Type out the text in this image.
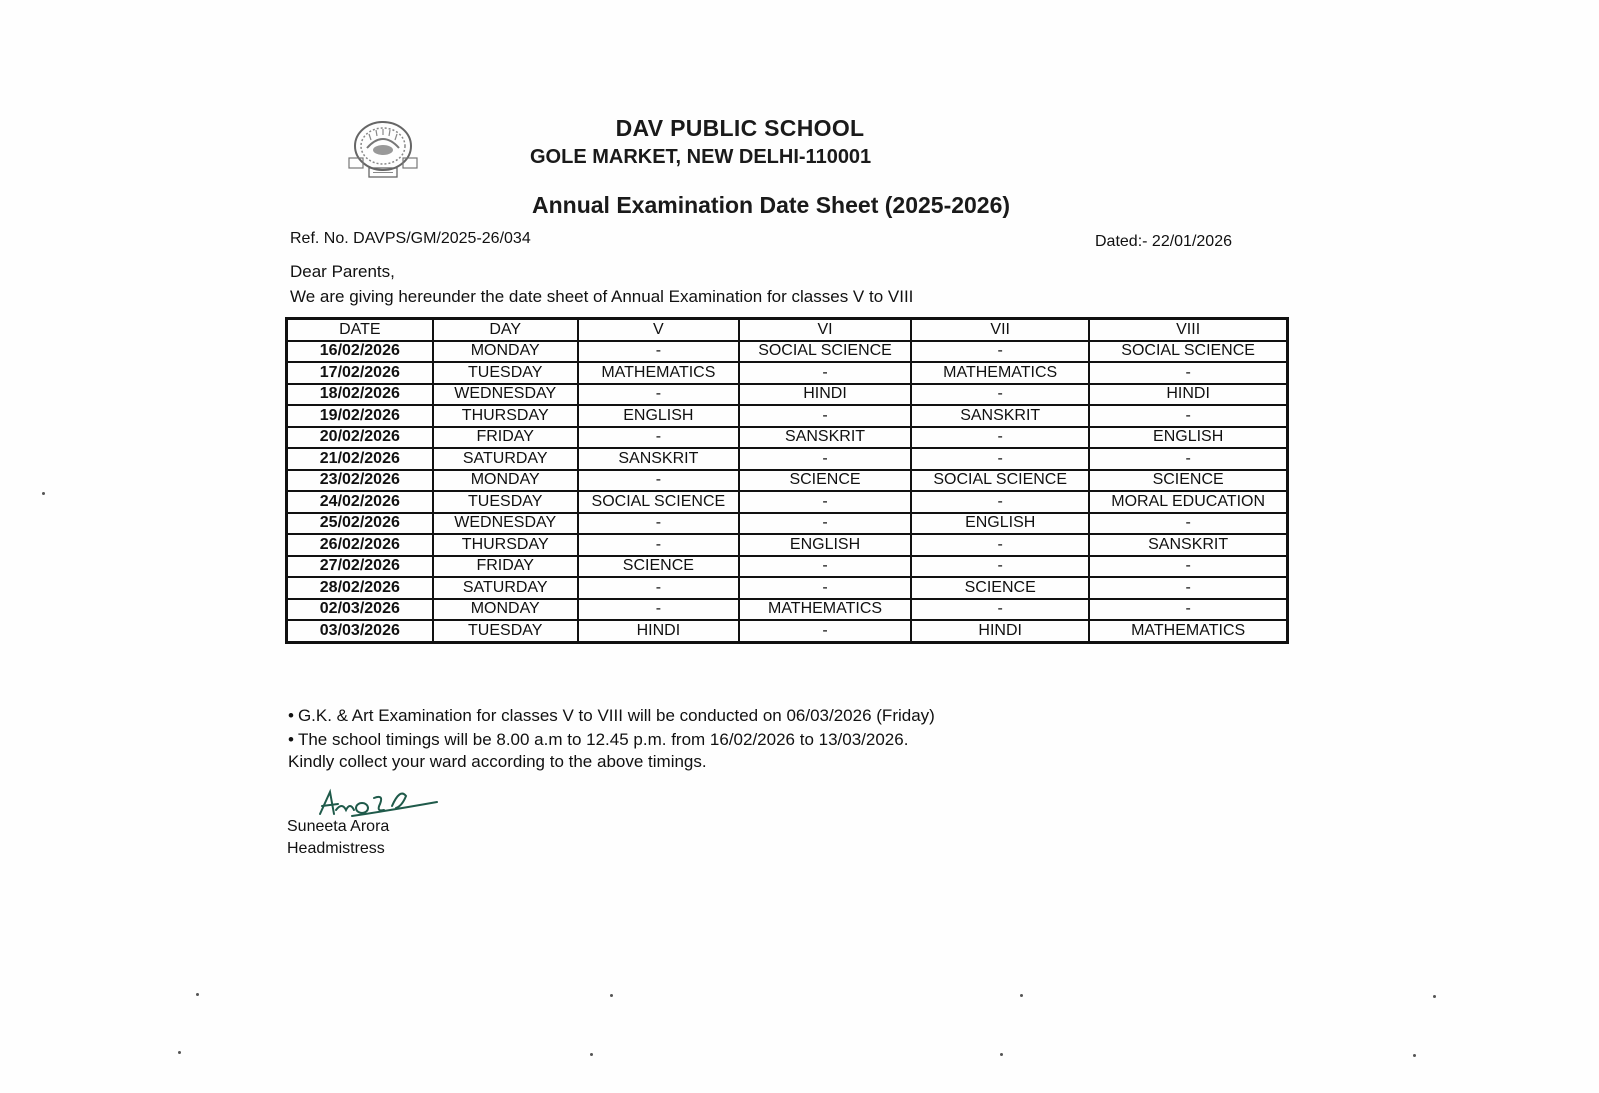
DAV PUBLIC SCHOOL
GOLE MARKET, NEW DELHI-110001
Annual Examination Date Sheet (2025-2026)
Ref. No. DAVPS/GM/2025-26/034	Dated:- 22/01/2026
Dear Parents,
We are giving hereunder the date sheet of Annual Examination for classes V to VIII
DATE	DAY	V	VI	VII	VIII
16/02/2026	MONDAY	-	SOCIAL SCIENCE	-	SOCIAL SCIENCE
17/02/2026	TUESDAY	MATHEMATICS	-	MATHEMATICS	-
18/02/2026	WEDNESDAY	-	HINDI	-	HINDI
19/02/2026	THURSDAY	ENGLISH	-	SANSKRIT	-
20/02/2026	FRIDAY	-	SANSKRIT	-	ENGLISH
21/02/2026	SATURDAY	SANSKRIT	-	-	-
23/02/2026	MONDAY	-	SCIENCE	SOCIAL SCIENCE	SCIENCE
24/02/2026	TUESDAY	SOCIAL SCIENCE	-	-	MORAL EDUCATION
25/02/2026	WEDNESDAY	-	-	ENGLISH	-
26/02/2026	THURSDAY	-	ENGLISH	-	SANSKRIT
27/02/2026	FRIDAY	SCIENCE	-	-	-
28/02/2026	SATURDAY	-	-	SCIENCE	-
02/03/2026	MONDAY	-	MATHEMATICS	-	-
03/03/2026	TUESDAY	HINDI	-	HINDI	MATHEMATICS
• G.K. & Art Examination for classes V to VIII will be conducted on 06/03/2026 (Friday)
• The school timings will be 8.00 a.m to 12.45 p.m. from 16/02/2026 to 13/03/2026.
Kindly collect your ward according to the above timings.
Suneeta Arora
Headmistress
